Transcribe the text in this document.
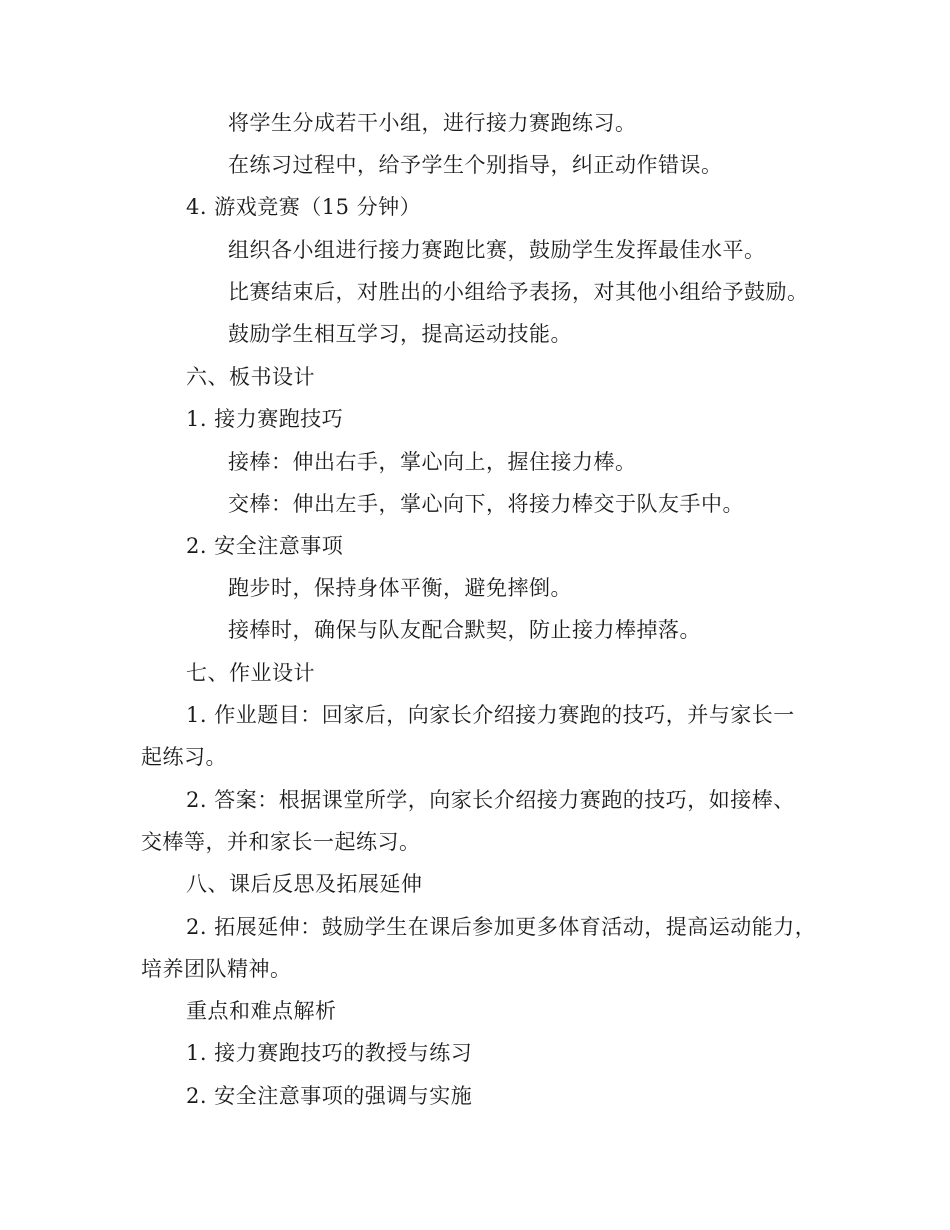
将学生分成若干小组，进行接力赛跑练习。
在练习过程中，给予学生个别指导，纠正动作错误。
4. 游戏竞赛（15 分钟）
组织各小组进行接力赛跑比赛，鼓励学生发挥最佳水平。
比赛结束后，对胜出的小组给予表扬，对其他小组给予鼓励。
鼓励学生相互学习，提高运动技能。
六、板书设计
1. 接力赛跑技巧
接棒：伸出右手，掌心向上，握住接力棒。
交棒：伸出左手，掌心向下，将接力棒交于队友手中。
2. 安全注意事项
跑步时，保持身体平衡，避免摔倒。
接棒时，确保与队友配合默契，防止接力棒掉落。
七、作业设计
1. 作业题目：回家后，向家长介绍接力赛跑的技巧，并与家长一
起练习。
2. 答案：根据课堂所学，向家长介绍接力赛跑的技巧，如接棒、
交棒等，并和家长一起练习。
八、课后反思及拓展延伸
2. 拓展延伸：鼓励学生在课后参加更多体育活动，提高运动能力，
培养团队精神。
重点和难点解析
1. 接力赛跑技巧的教授与练习
2. 安全注意事项的强调与实施
